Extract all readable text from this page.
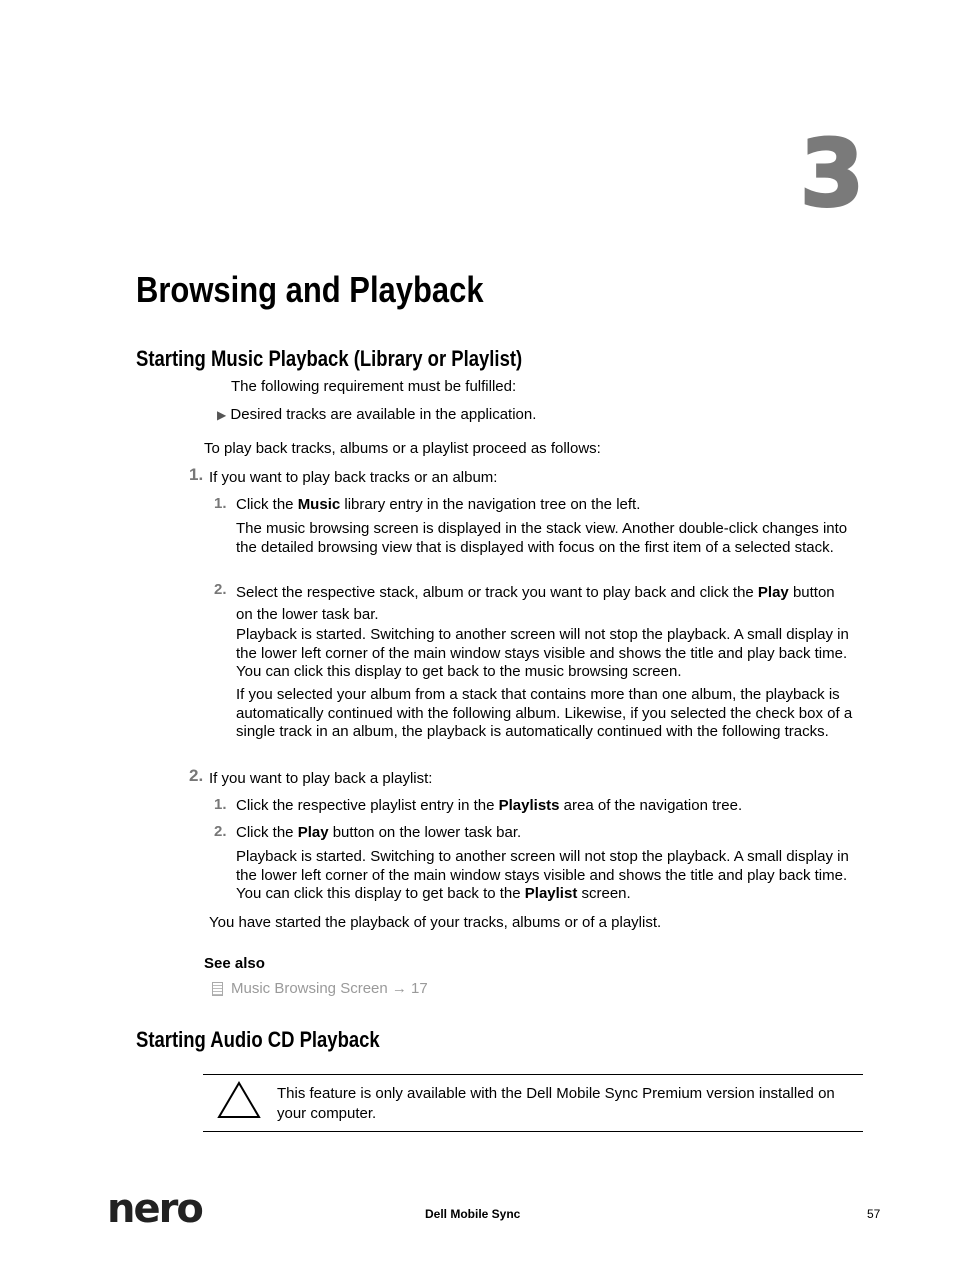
3
Browsing and Playback
Starting Music Playback (Library or Playlist)
The following requirement must be fulfilled:
▶ Desired tracks are available in the application.
To play back tracks, albums or a playlist proceed as follows:
1. If you want to play back tracks or an album:
1. Click the Music library entry in the navigation tree on the left.
The music browsing screen is displayed in the stack view. Another double-click changes into the detailed browsing view that is displayed with focus on the first item of a selected stack.
2. Select the respective stack, album or track you want to play back and click the Play button on the lower task bar.
Playback is started. Switching to another screen will not stop the playback. A small display in the lower left corner of the main window stays visible and shows the title and play back time. You can click this display to get back to the music browsing screen.
If you selected your album from a stack that contains more than one album, the playback is automatically continued with the following album. Likewise, if you selected the check box of a single track in an album, the playback is automatically continued with the following tracks.
2. If you want to play back a playlist:
1. Click the respective playlist entry in the Playlists area of the navigation tree.
2. Click the Play button on the lower task bar.
Playback is started. Switching to another screen will not stop the playback. A small display in the lower left corner of the main window stays visible and shows the title and play back time. You can click this display to get back to the Playlist screen.
You have started the playback of your tracks, albums or of a playlist.
See also
Music Browsing Screen → 17
Starting Audio CD Playback
This feature is only available with the Dell Mobile Sync Premium version installed on your computer.
nero	Dell Mobile Sync	57
